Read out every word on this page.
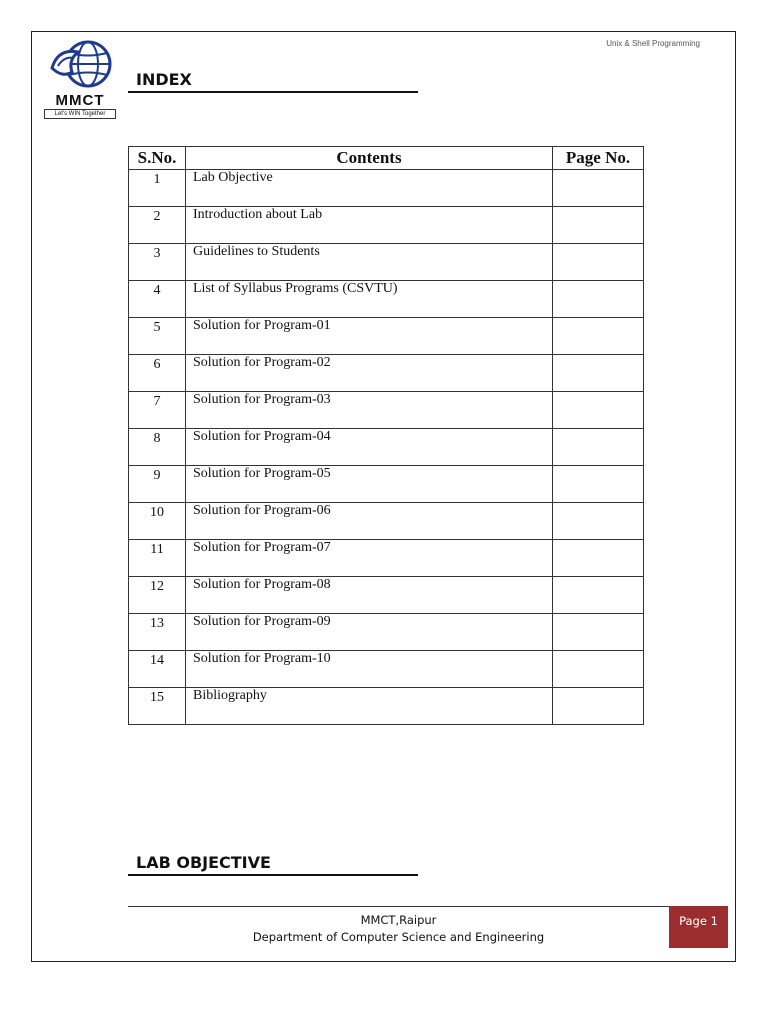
MMCT
Let's WIN Together
Unix & Shell Programming
INDEX
S.No.	Contents	Page No.
1	Lab Objective	
2	Introduction about Lab	
3	Guidelines to Students	
4	List of Syllabus Programs (CSVTU)	
5	Solution for Program-01	
6	Solution for Program-02	
7	Solution for Program-03	
8	Solution for Program-04	
9	Solution for Program-05	
10	Solution for Program-06	
11	Solution for Program-07	
12	Solution for Program-08	
13	Solution for Program-09	
14	Solution for Program-10	
15	Bibliography	
LAB OBJECTIVE
MMCT,Raipur
Department of Computer Science and Engineering
Page 1
